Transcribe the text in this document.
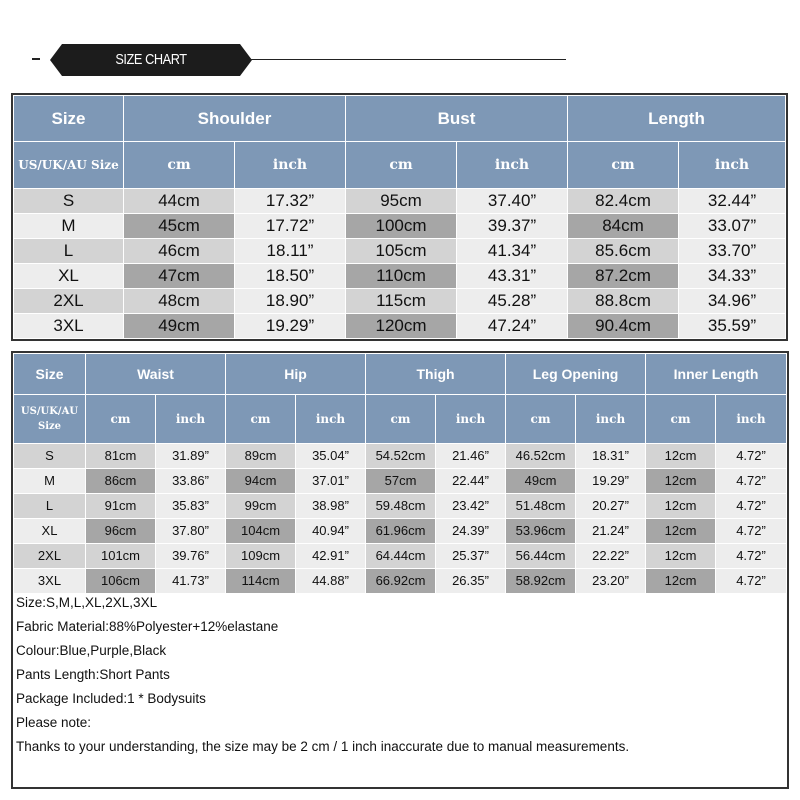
SIZE CHART
Size	Shoulder		Bust		Length	
US/UK/AU Size	cm	inch	cm	inch	cm	inch
S	44cm	17.32”	95cm	37.40”	82.4cm	32.44”
M	45cm	17.72”	100cm	39.37”	84cm	33.07”
L	46cm	18.11”	105cm	41.34”	85.6cm	33.70”
XL	47cm	18.50”	110cm	43.31”	87.2cm	34.33”
2XL	48cm	18.90”	115cm	45.28”	88.8cm	34.96”
3XL	49cm	19.29”	120cm	47.24”	90.4cm	35.59”
Size	Waist		Hip		Thigh		Leg Opening		Inner Length	
US/UK/AU Size	cm	inch	cm	inch	cm	inch	cm	inch	cm	inch
S	81cm	31.89”	89cm	35.04”	54.52cm	21.46”	46.52cm	18.31”	12cm	4.72”
M	86cm	33.86”	94cm	37.01”	57cm	22.44”	49cm	19.29”	12cm	4.72”
L	91cm	35.83”	99cm	38.98”	59.48cm	23.42”	51.48cm	20.27”	12cm	4.72”
XL	96cm	37.80”	104cm	40.94”	61.96cm	24.39”	53.96cm	21.24”	12cm	4.72”
2XL	101cm	39.76”	109cm	42.91”	64.44cm	25.37”	56.44cm	22.22”	12cm	4.72”
3XL	106cm	41.73”	114cm	44.88”	66.92cm	26.35”	58.92cm	23.20”	12cm	4.72”
Size:S,M,L,XL,2XL,3XL
Fabric Material:88%Polyester+12%elastane
Colour:Blue,Purple,Black
Pants Length:Short Pants
Package Included:1 * Bodysuits
Please note:
Thanks to your understanding, the size may be 2 cm / 1 inch inaccurate due to manual measurements.
